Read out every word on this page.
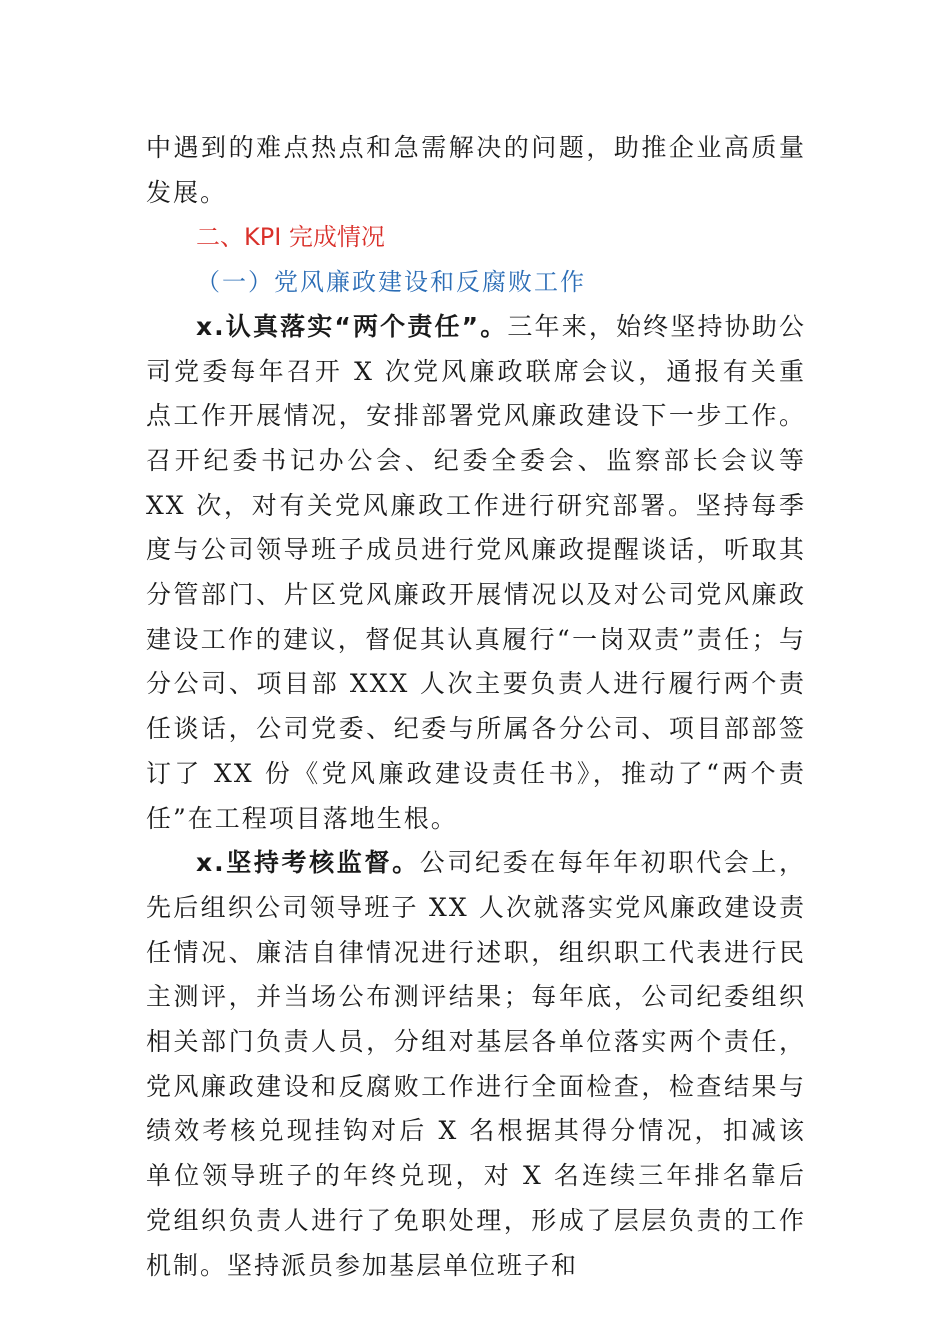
中遇到的难点热点和急需解决的问题，助推企业高质量发展。

二、KPI 完成情况

（一）党风廉政建设和反腐败工作

x.认真落实“两个责任”。三年来，始终坚持协助公司党委每年召开 X 次党风廉政联席会议，通报有关重点工作开展情况，安排部署党风廉政建设下一步工作。召开纪委书记办公会、纪委全委会、监察部长会议等 XX 次，对有关党风廉政工作进行研究部署。坚持每季度与公司领导班子成员进行党风廉政提醒谈话，听取其分管部门、片区党风廉政开展情况以及对公司党风廉政建设工作的建议，督促其认真履行“一岗双责”责任；与分公司、项目部 XXX 人次主要负责人进行履行两个责任谈话，公司党委、纪委与所属各分公司、项目部部签订了 XX 份《党风廉政建设责任书》，推动了“两个责任”在工程项目落地生根。

x.坚持考核监督。公司纪委在每年年初职代会上，先后组织公司领导班子 XX 人次就落实党风廉政建设责任情况、廉洁自律情况进行述职，组织职工代表进行民主测评，并当场公布测评结果；每年底，公司纪委组织相关部门负责人员，分组对基层各单位落实两个责任，党风廉政建设和反腐败工作进行全面检查，检查结果与绩效考核兑现挂钩对后 X 名根据其得分情况，扣减该单位领导班子的年终兑现，对 X 名连续三年排名靠后党组织负责人进行了免职处理，形成了层层负责的工作机制。坚持派员参加基层单位班子和
